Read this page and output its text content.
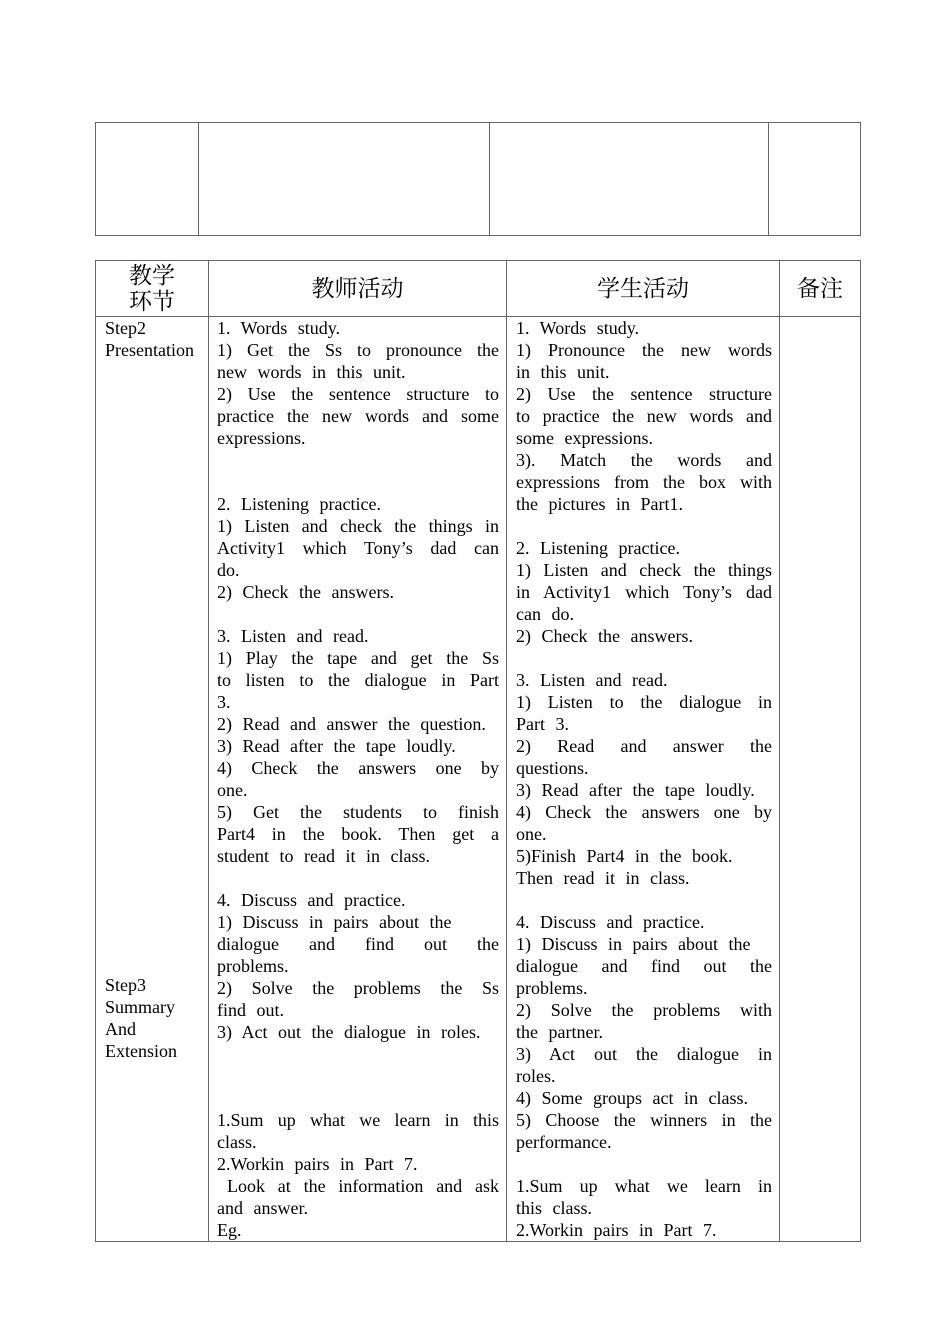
教学
环节
教师活动	学生活动	备注
Step2
Presentation
Step3
Summary
And
Extension
1. Words study.
1) Get the Ss to pronounce the
new words in this unit.
2) Use the sentence structure to
practice the new words and some
expressions.
2. Listening practice.
1) Listen and check the things in
Activity1 which Tony’s dad can
do.
2) Check the answers.
3. Listen and read.
1) Play the tape and get the Ss
to listen to the dialogue in Part
3.
2) Read and answer the question.
3) Read after the tape loudly.
4) Check the answers one by
one.
5) Get the students to finish
Part4 in the book. Then get a
student to read it in class.
4. Discuss and practice.
1) Discuss in pairs about the
dialogue and find out the
problems.
2) Solve the problems the Ss
find out.
3) Act out the dialogue in roles.
1.Sum up what we learn in this
class.
2.Workin pairs in Part 7.
Look at the information and ask
and answer.
Eg.
1. Words study.
1) Pronounce the new words
in this unit.
2) Use the sentence structure
to practice the new words and
some expressions.
3). Match the words and
expressions from the box with
the pictures in Part1.
2. Listening practice.
1) Listen and check the things
in Activity1 which Tony’s dad
can do.
2) Check the answers.
3. Listen and read.
1) Listen to the dialogue in
Part 3.
2) Read and answer the
questions.
3) Read after the tape loudly.
4) Check the answers one by
one.
5)Finish Part4 in the book.
Then read it in class.
4. Discuss and practice.
1) Discuss in pairs about the
dialogue and find out the
problems.
2) Solve the problems with
the partner.
3) Act out the dialogue in
roles.
4) Some groups act in class.
5) Choose the winners in the
performance.
1.Sum up what we learn in
this class.
2.Workin pairs in Part 7.
